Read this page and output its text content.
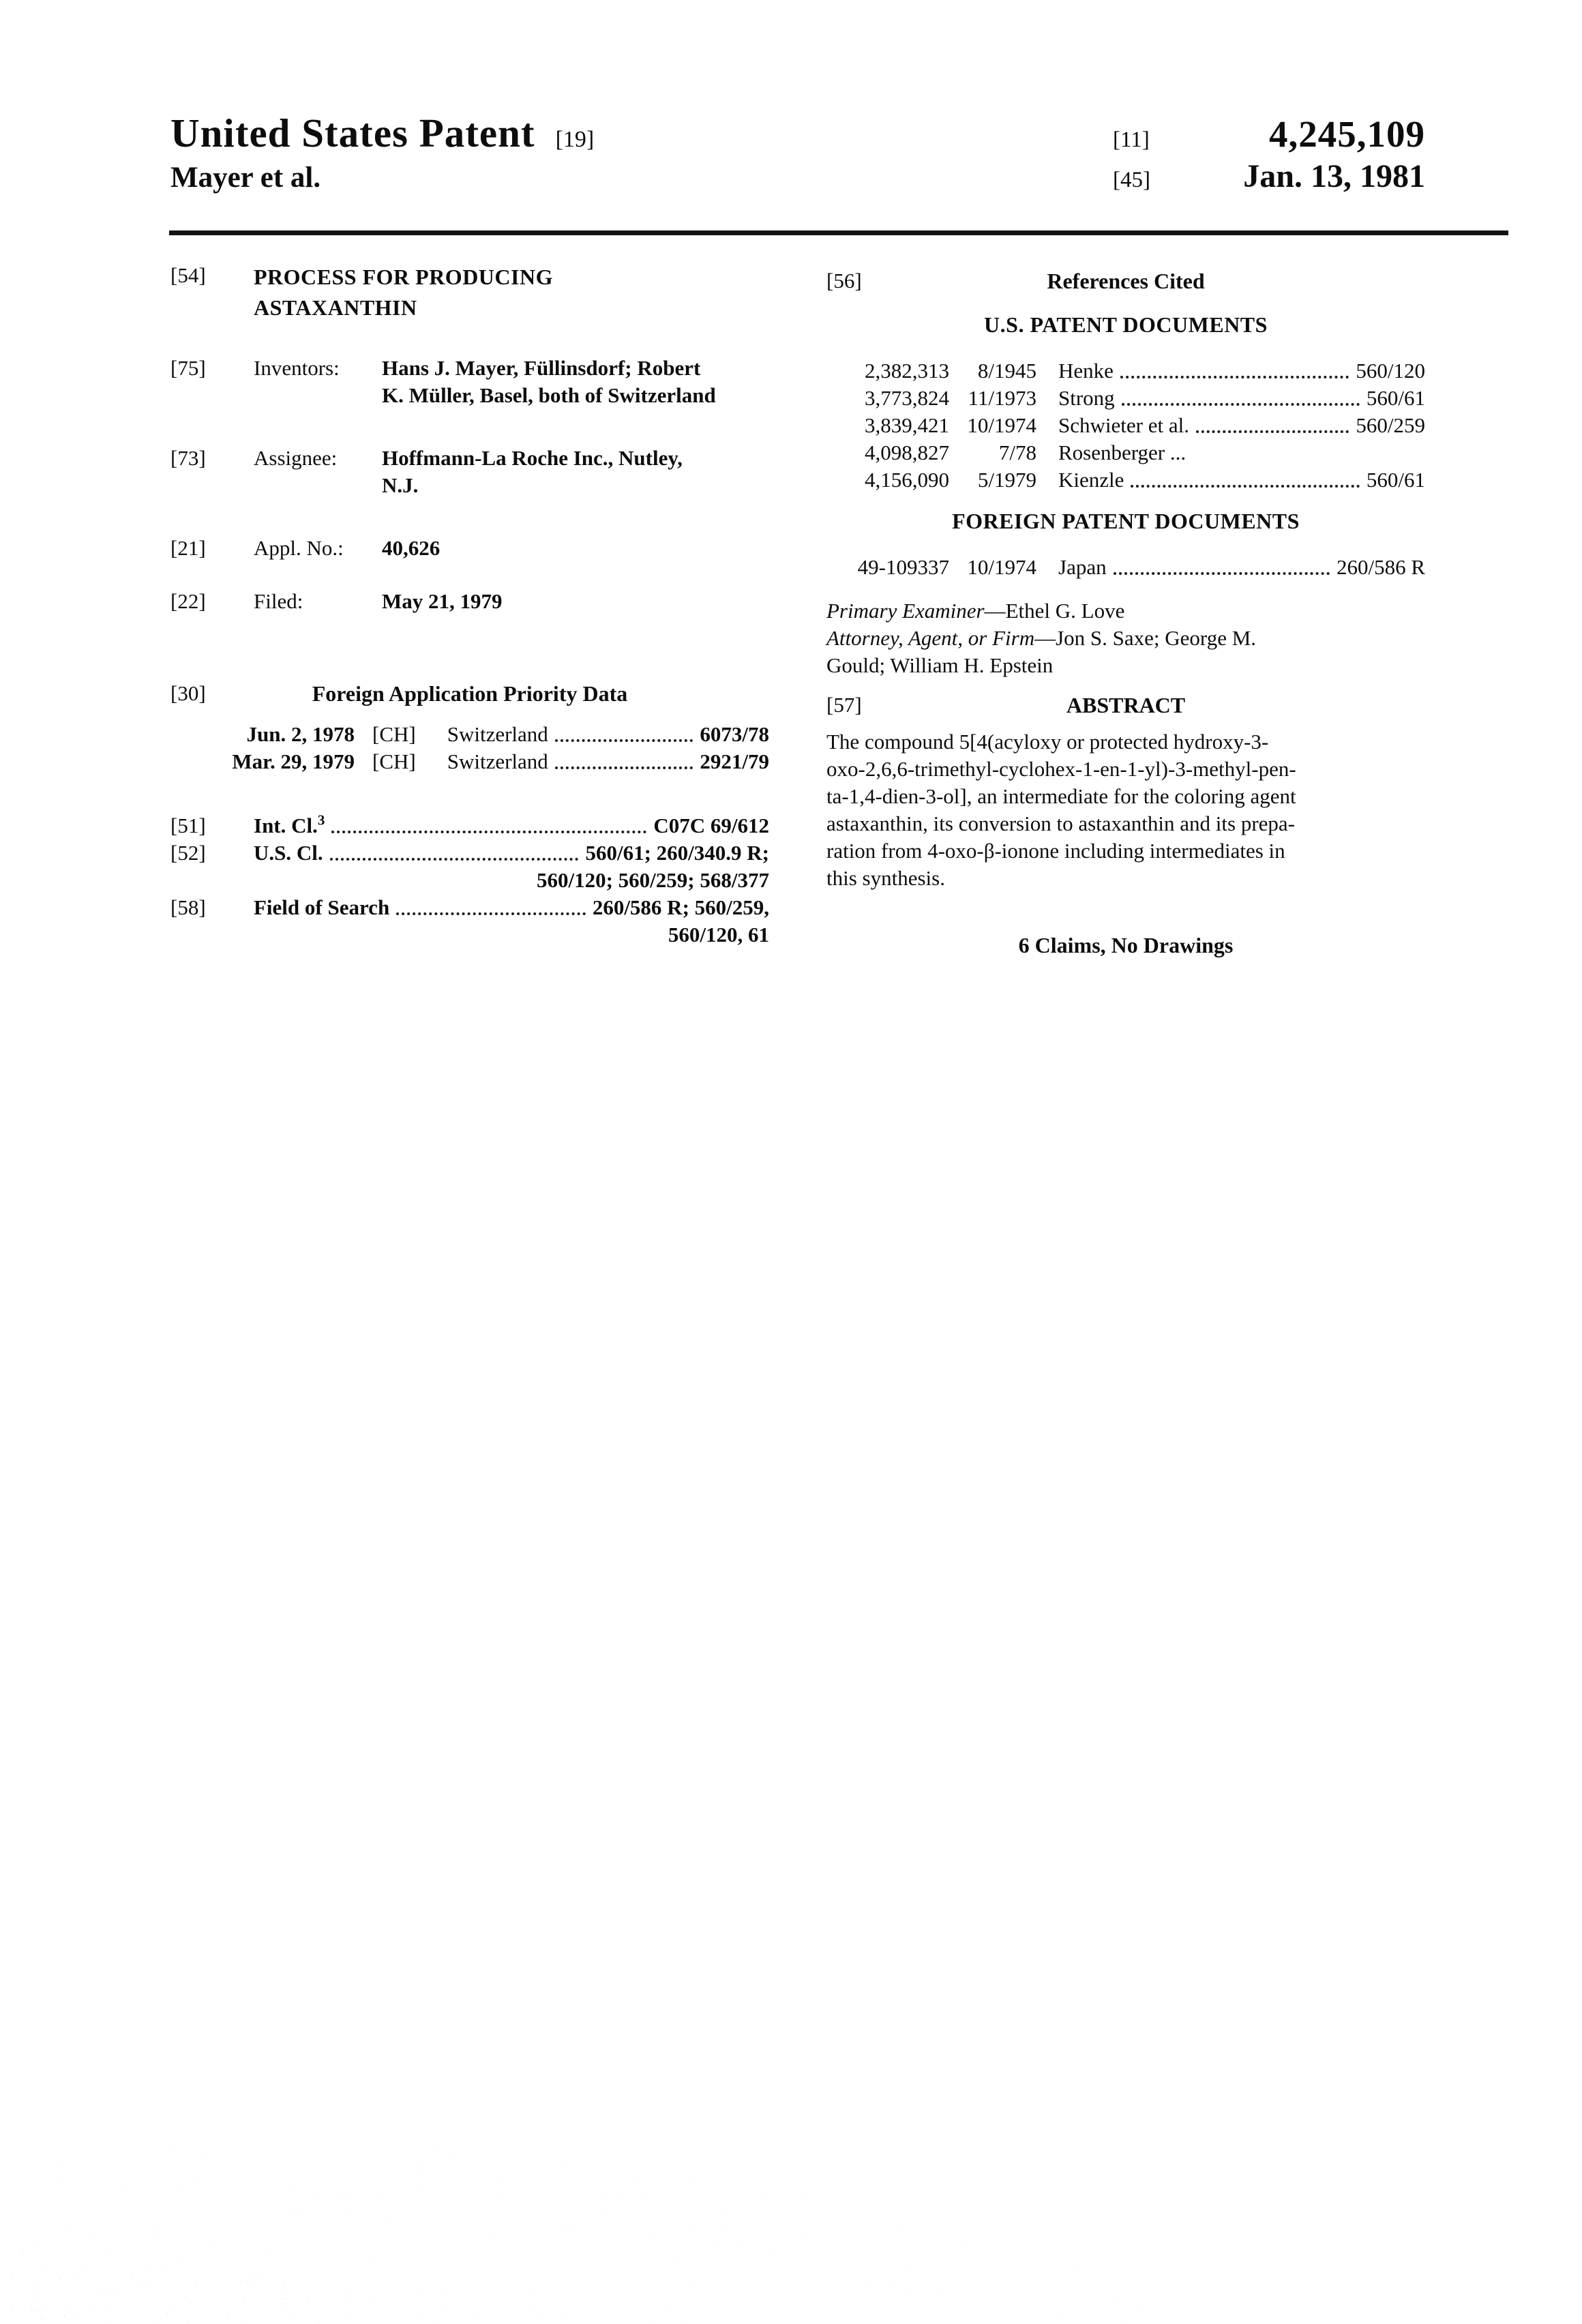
United States Patent [19]	[11]	4,245,109
Mayer et al.	[45]	Jan. 13, 1981
[54]	PROCESS FOR PRODUCING
ASTAXANTHIN
[75]	Inventors:	Hans J. Mayer, Füllinsdorf; Robert
K. Müller, Basel, both of Switzerland
[73]	Assignee:	Hoffmann-La Roche Inc., Nutley,
N.J.
[21]	Appl. No.:	40,626
[22]	Filed:	May 21, 1979
[30]	Foreign Application Priority Data
Jun. 2, 1978 [CH] Switzerland	6073/78
Mar. 29, 1979 [CH] Switzerland	2921/79
[51]	Int. Cl.$^3$	C07C 69/612
[52]	U.S. Cl.	560/61; 260/340.9 R;
560/120; 560/259; 568/377
[58]	Field of Search	260/586 R; 560/259,
560/120, 61
[56]	References Cited
U.S. PATENT DOCUMENTS
2,382,313	8/1945 Henke	560/120
3,773,824 11/1973 Strong	560/61
3,839,421 10/1974 Schwieter et al.	560/259
4,098,827	7/78 Rosenberger ...
4,156,090	5/1979 Kienzle	560/61
FOREIGN PATENT DOCUMENTS
49-109337 10/1974 Japan	260/586 R

Primary Examiner—Ethel G. Love

Attorney, Agent, or Firm—Jon S. Saxe; George M.
Gould; William H. Epstein

[57]	ABSTRACT

The compound 5[4(acyloxy or protected hydroxy-3-
oxo-2,6,6-trimethyl-cyclohex-1-en-1-yl)-3-methyl-pen-
ta-1,4-dien-3-ol], an intermediate for the coloring agent
astaxanthin, its conversion to astaxanthin and its prepa-
ration from 4-oxo-β-ionone including intermediates in
this synthesis.

6 Claims, No Drawings
